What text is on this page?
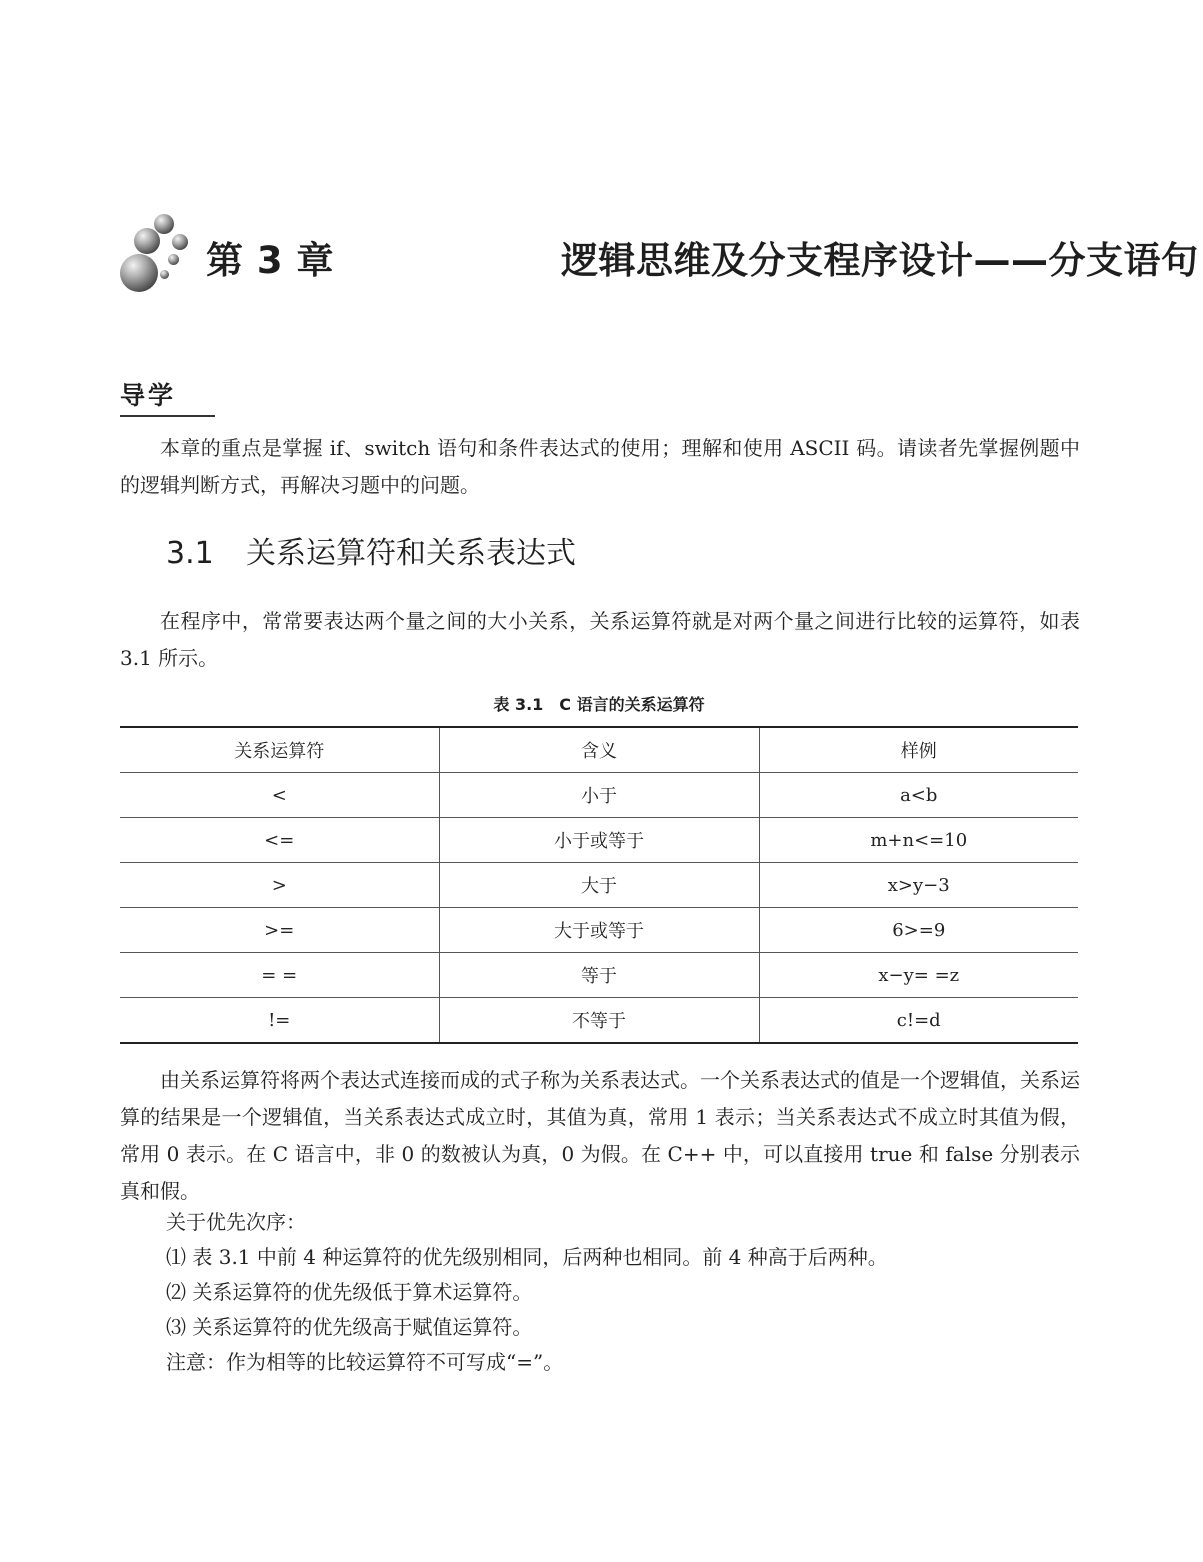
第 3 章	逻辑思维及分支程序设计——分支语句
导学

本章的重点是掌握 if、switch 语句和条件表达式的使用；理解和使用 ASCII 码。请读者先掌握例题中的逻辑判断方式，再解决习题中的问题。

3.1 关系运算符和关系表达式

在程序中，常常要表达两个量之间的大小关系，关系运算符就是对两个量之间进行比较的运算符，如表 3.1 所示。

表 3.1　C 语言的关系运算符
关系运算符	含义	样例
<	小于	a<b
<=	小于或等于	m+n<=10
>	大于	x>y−3
>=	大于或等于	6>=9
= =	等于	x−y= =z
!=	不等于	c!=d

由关系运算符将两个表达式连接而成的式子称为关系表达式。一个关系表达式的值是一个逻辑值，关系运算的结果是一个逻辑值，当关系表达式成立时，其值为真，常用 1 表示；当关系表达式不成立时其值为假，常用 0 表示。在 C 语言中，非 0 的数被认为真，0 为假。在 C++ 中，可以直接用 true 和 false 分别表示真和假。

关于优先次序：

⑴ 表 3.1 中前 4 种运算符的优先级别相同，后两种也相同。前 4 种高于后两种。

⑵ 关系运算符的优先级低于算术运算符。

⑶ 关系运算符的优先级高于赋值运算符。

注意：作为相等的比较运算符不可写成“=”。
